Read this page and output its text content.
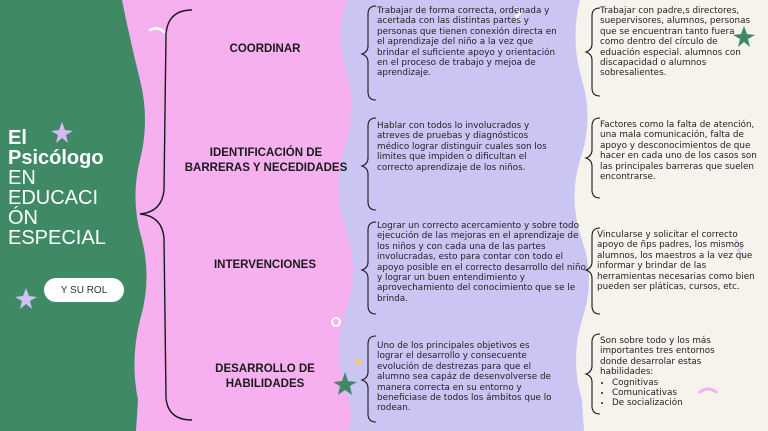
El
Psicólogo
EN
EDUCACI
ÓN
ESPECIAL
Y SU ROL
COORDINAR
IDENTIFICACIÓN DE BARRERAS Y NECEDIDADES
INTERVENCIONES
DESARROLLO DE HABILIDADES
Trabajar de forma correcta, ordenada y acertada con las distintas partes y personas que tienen conexión directa en el aprendizaje del niño a la vez que brindar el suficiente apoyo y orientación en el proceso de trabajo y mejoa de aprendizaje.
Hablar con todos lo involucrados y atreves de pruebas y diagnósticos médico lograr distinguir cuales son los limites que impiden o dificultan el correcto aprendizaje de los niños.
Lograr un correcto acercamiento y sobre todo ejecución de las mejoras en el aprendizaje de los niños y con cada una de las partes involucradas, esto para contar con todo el apoyo posible en el correcto desarrollo del niño y lograr un buen entendimiento y aprovechamiento del conocimiento que se le brinda.
Uno de los principales objetivos es lograr el desarrollo y consecuente evolución de destrezas para que el alumno sea capáz de desenvolverse de manera correcta en su entorno y beneficiase de todos los ámbitos que lo rodean.
Trabajar con padre,s directores, suepervisores, alumnos, personas que se encuentran tanto fuera como dentro del círculo de eduación especial. alumnos con discapacidad o alumnos sobresalientes.
Factores como la falta de atención, una mala comunicación, falta de apoyo y desconocimientos de que hacer en cada uno de los casos son las principales barreras que suelen encontrarse.
Vincularse y solicitar el correcto apoyo de ñps padres, los mismos alumnos, los maestros a la vez que informar y brindar de las herramientas necesarias como bien pueden ser pláticas, cursos, etc.
Son sobre todo y los más importantes tres entornos donde desarrolar estas habilidades:
• Cognitivas
• Comunicativas
• De socialización
